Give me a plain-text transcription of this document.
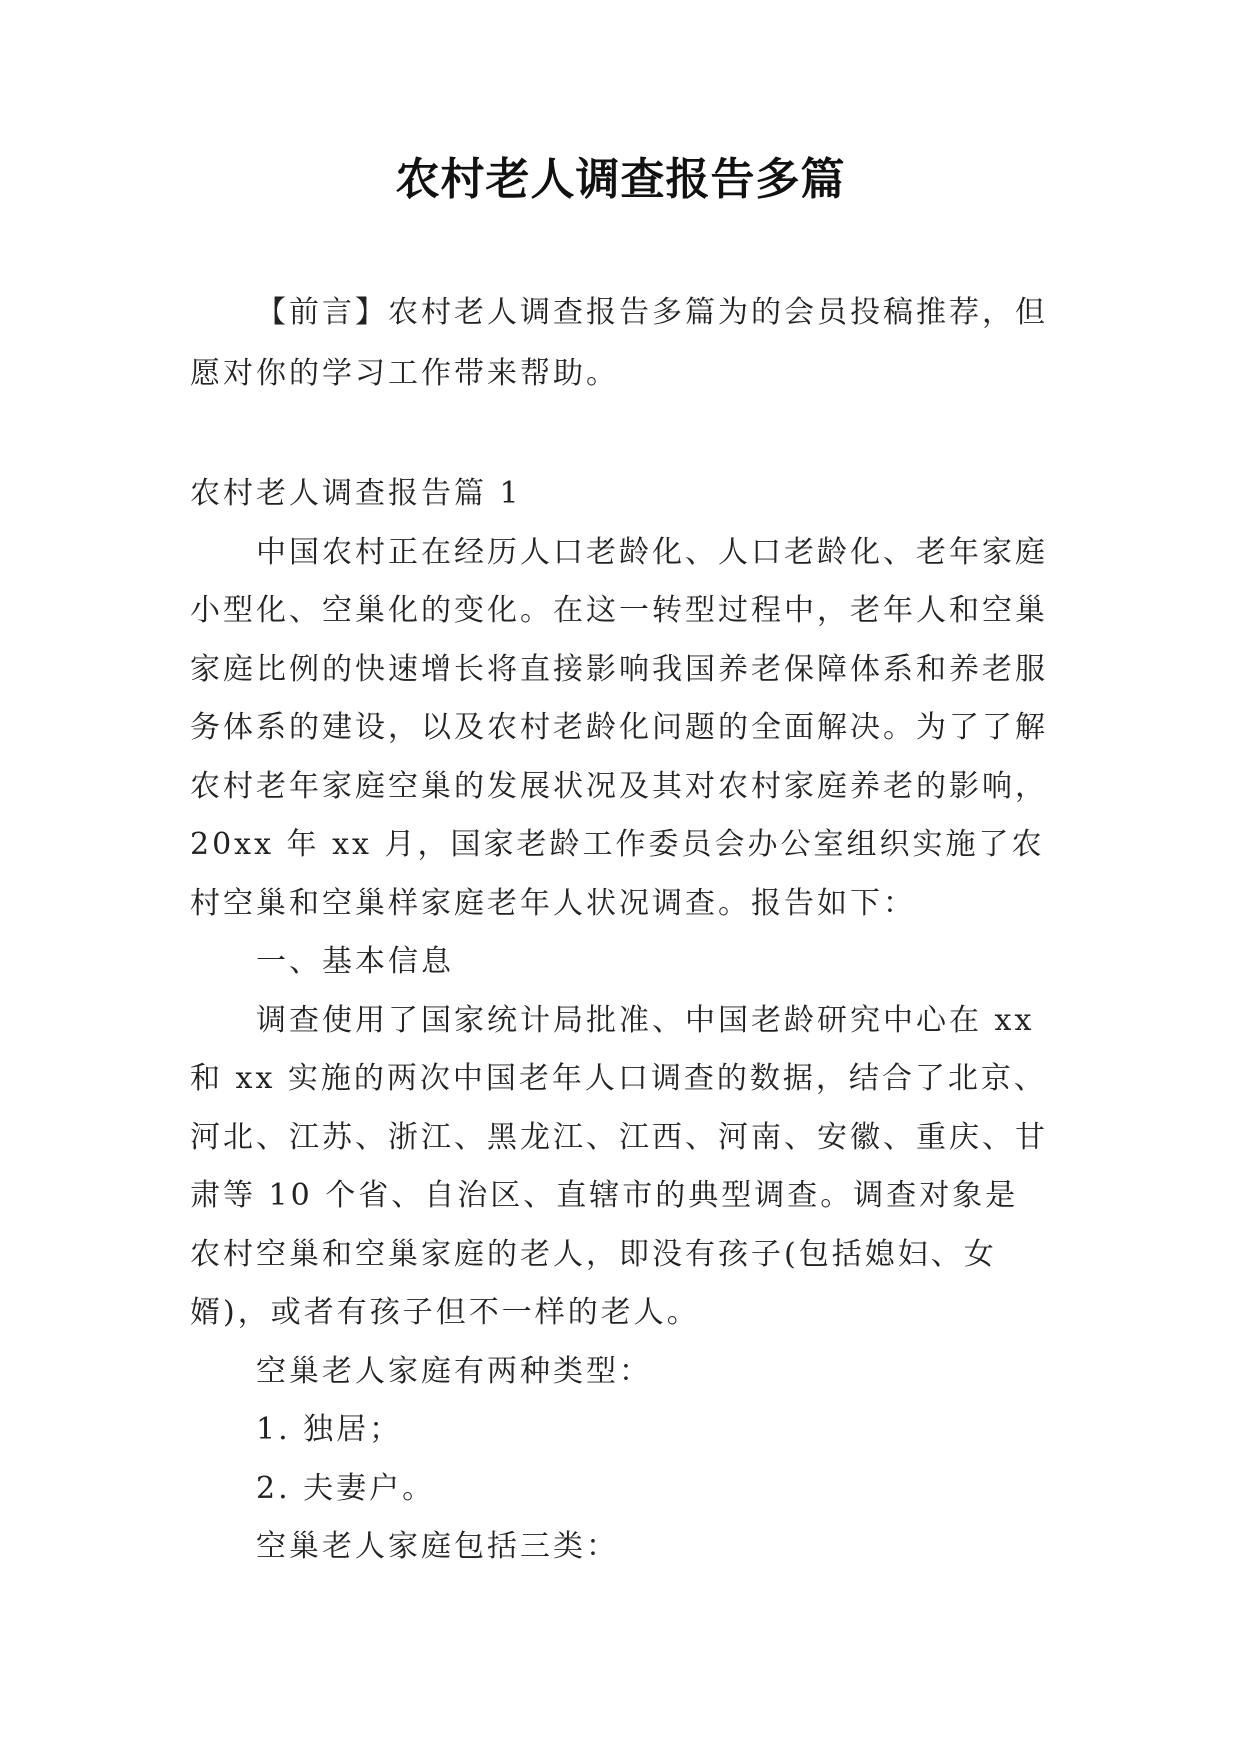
农村老人调查报告多篇

【前言】农村老人调查报告多篇为的会员投稿推荐，但愿对你的学习工作带来帮助。

农村老人调查报告篇 1

中国农村正在经历人口老龄化、人口老龄化、老年家庭小型化、空巢化的变化。在这一转型过程中，老年人和空巢家庭比例的快速增长将直接影响我国养老保障体系和养老服务体系的建设，以及农村老龄化问题的全面解决。为了了解农村老年家庭空巢的发展状况及其对农村家庭养老的影响，20xx 年 xx 月，国家老龄工作委员会办公室组织实施了农村空巢和空巢样家庭老年人状况调查。报告如下：

一、基本信息

调查使用了国家统计局批准、中国老龄研究中心在 xx 和 xx 实施的两次中国老年人口调查的数据，结合了北京、河北、江苏、浙江、黑龙江、江西、河南、安徽、重庆、甘肃等 10 个省、自治区、直辖市的典型调查。调查对象是农村空巢和空巢家庭的老人，即没有孩子(包括媳妇、女婿)，或者有孩子但不一样的老人。

空巢老人家庭有两种类型：

1. 独居；

2. 夫妻户。

空巢老人家庭包括三类：
